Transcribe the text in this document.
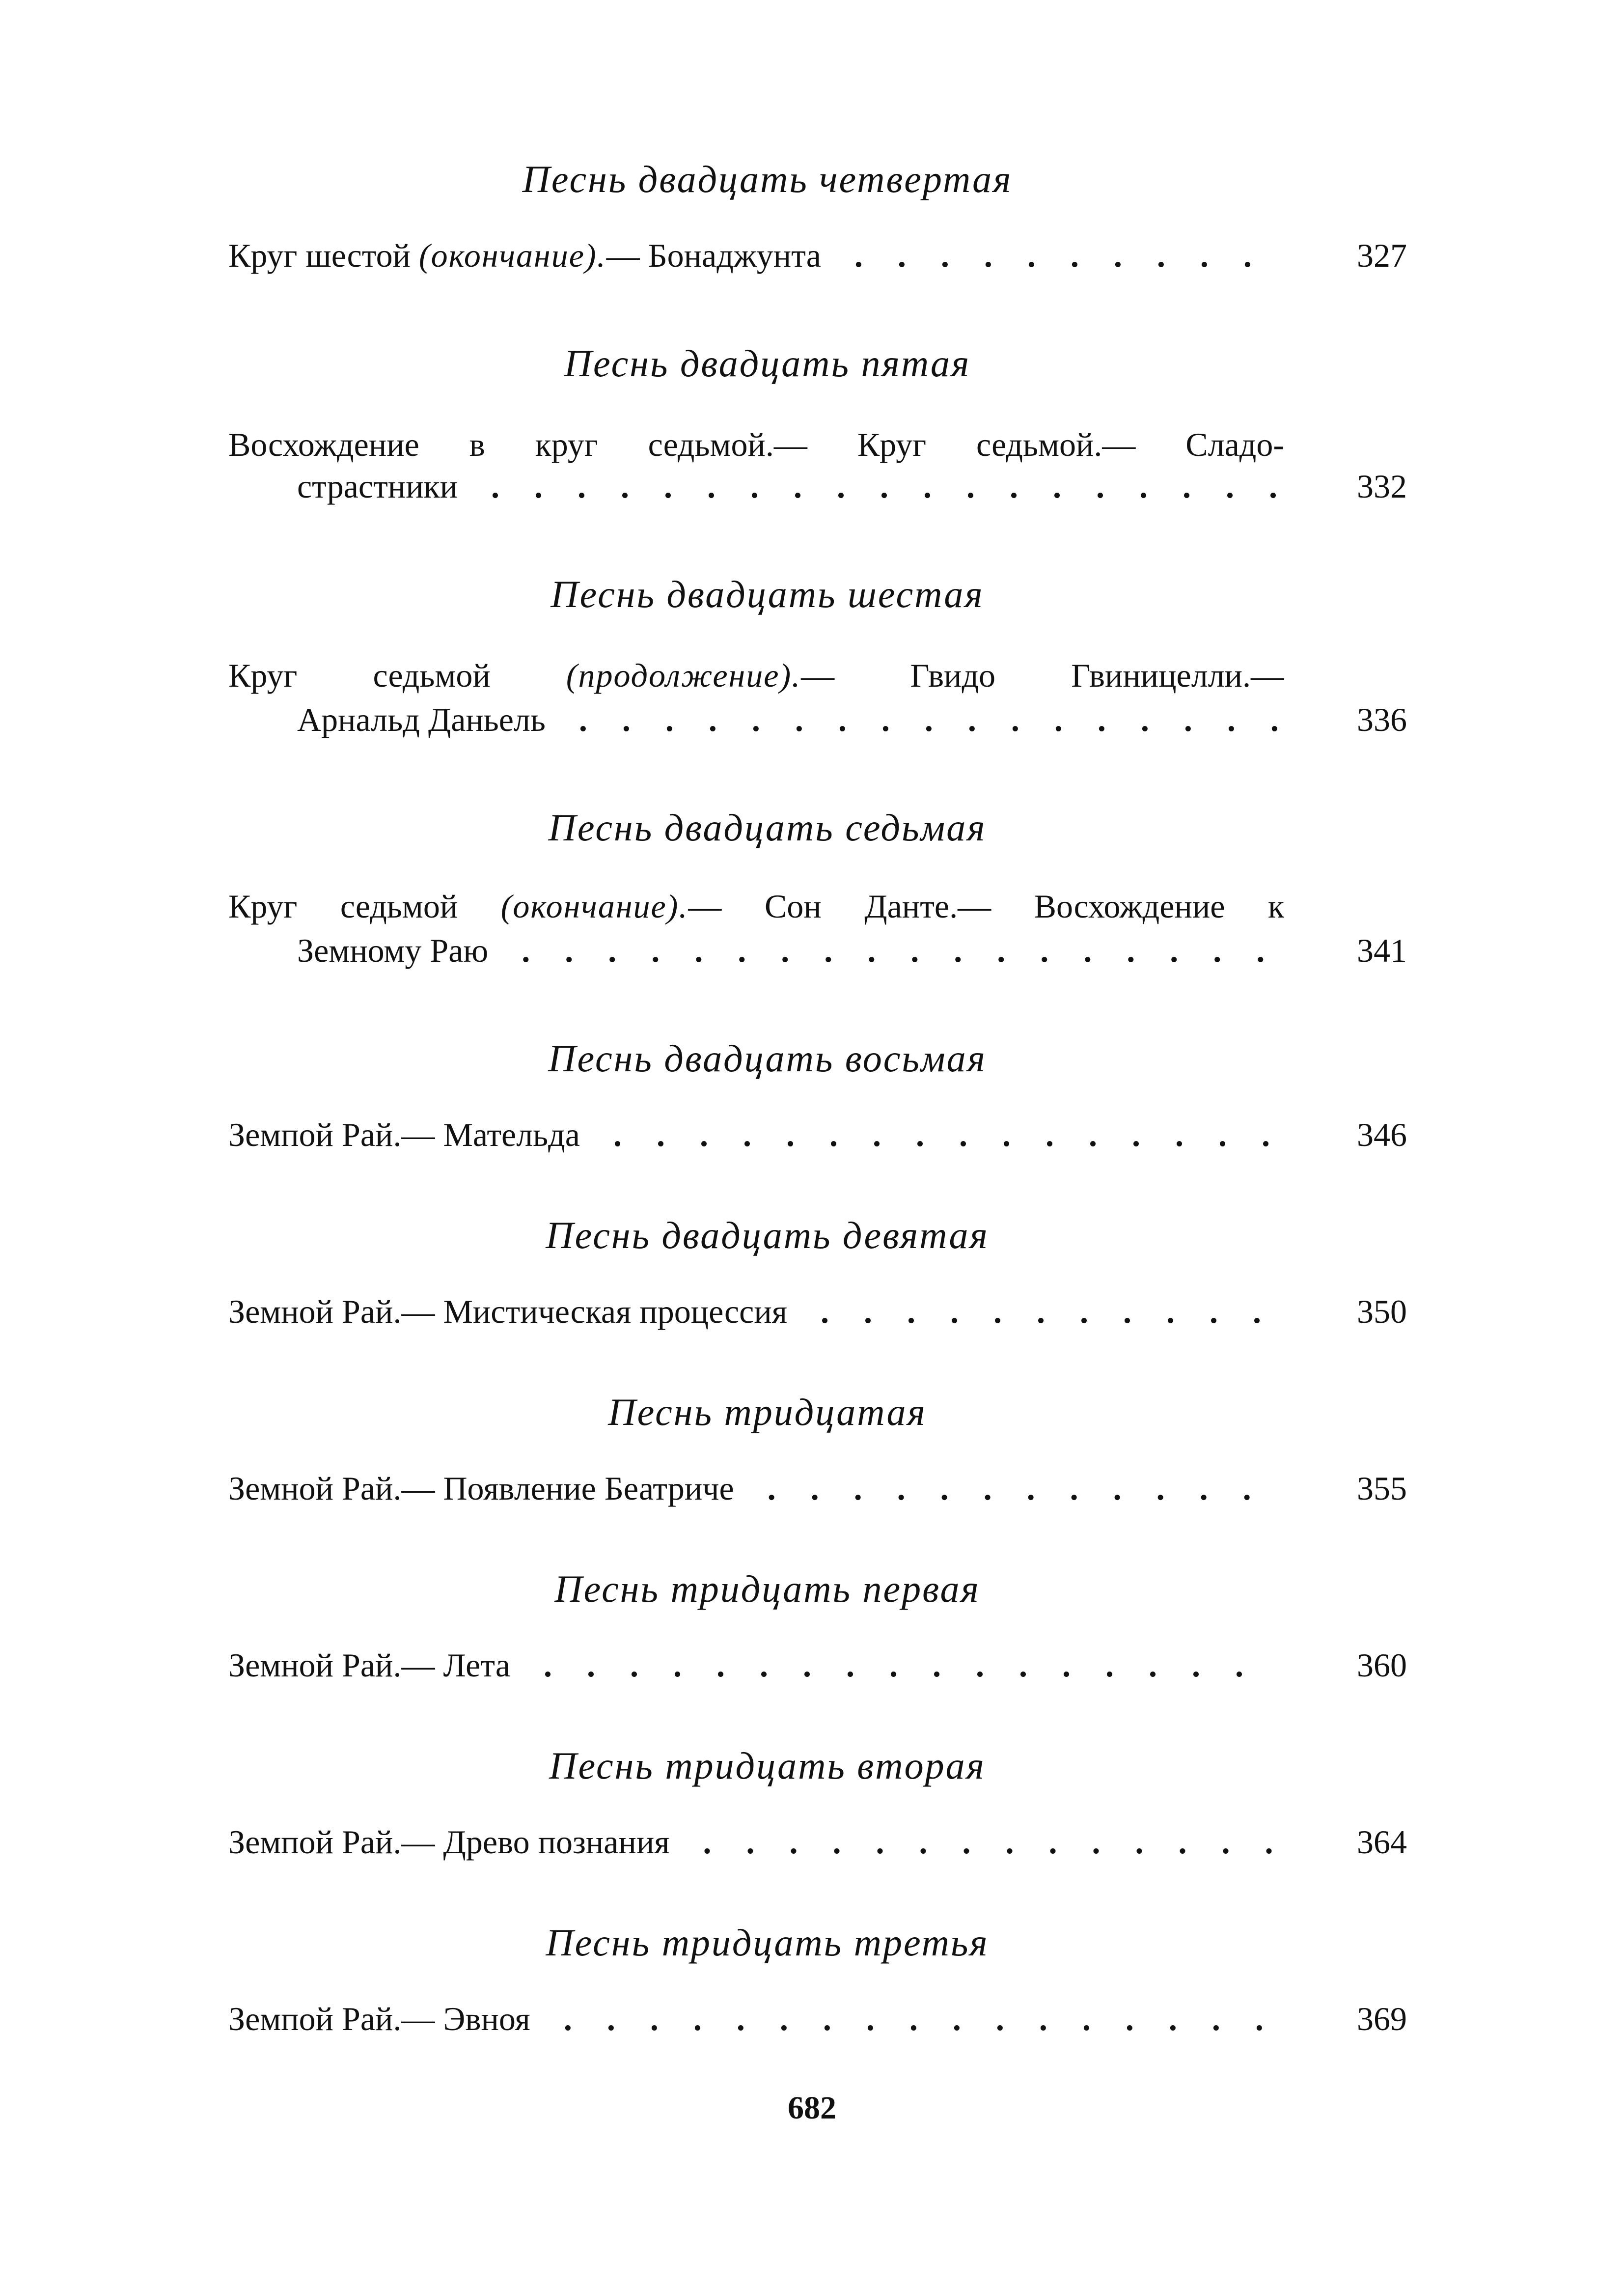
Песнь двадцать четвертая
Круг шестой (окончание).— Бонаджунта . . .	327
Песнь двадцать пятая
Восхождение в круг седьмой.— Круг седьмой.— Сладо-
страстники . . .	332
Песнь двадцать шестая
Круг седьмой (продолжение).— Гвидо Гвиницелли.—
Арнальд Даньель . . .	336
Песнь двадцать седьмая
Круг седьмой (окончание).— Сон Данте.— Восхождение к
Земному Раю . . .	341
Песнь двадцать восьмая
Земпой Рай.— Мательда . . .	346
Песнь двадцать девятая
Земной Рай.— Мистическая процессия . . .	350
Песнь тридцатая
Земной Рай.— Появление Беатриче . . .	355
Песнь тридцать первая
Земной Рай.— Лета . . .	360
Песнь тридцать вторая
Земпой Рай.— Древо познания . . .	364
Песнь тридцать третья
Земпой Рай.— Эвноя . . .	369
682
